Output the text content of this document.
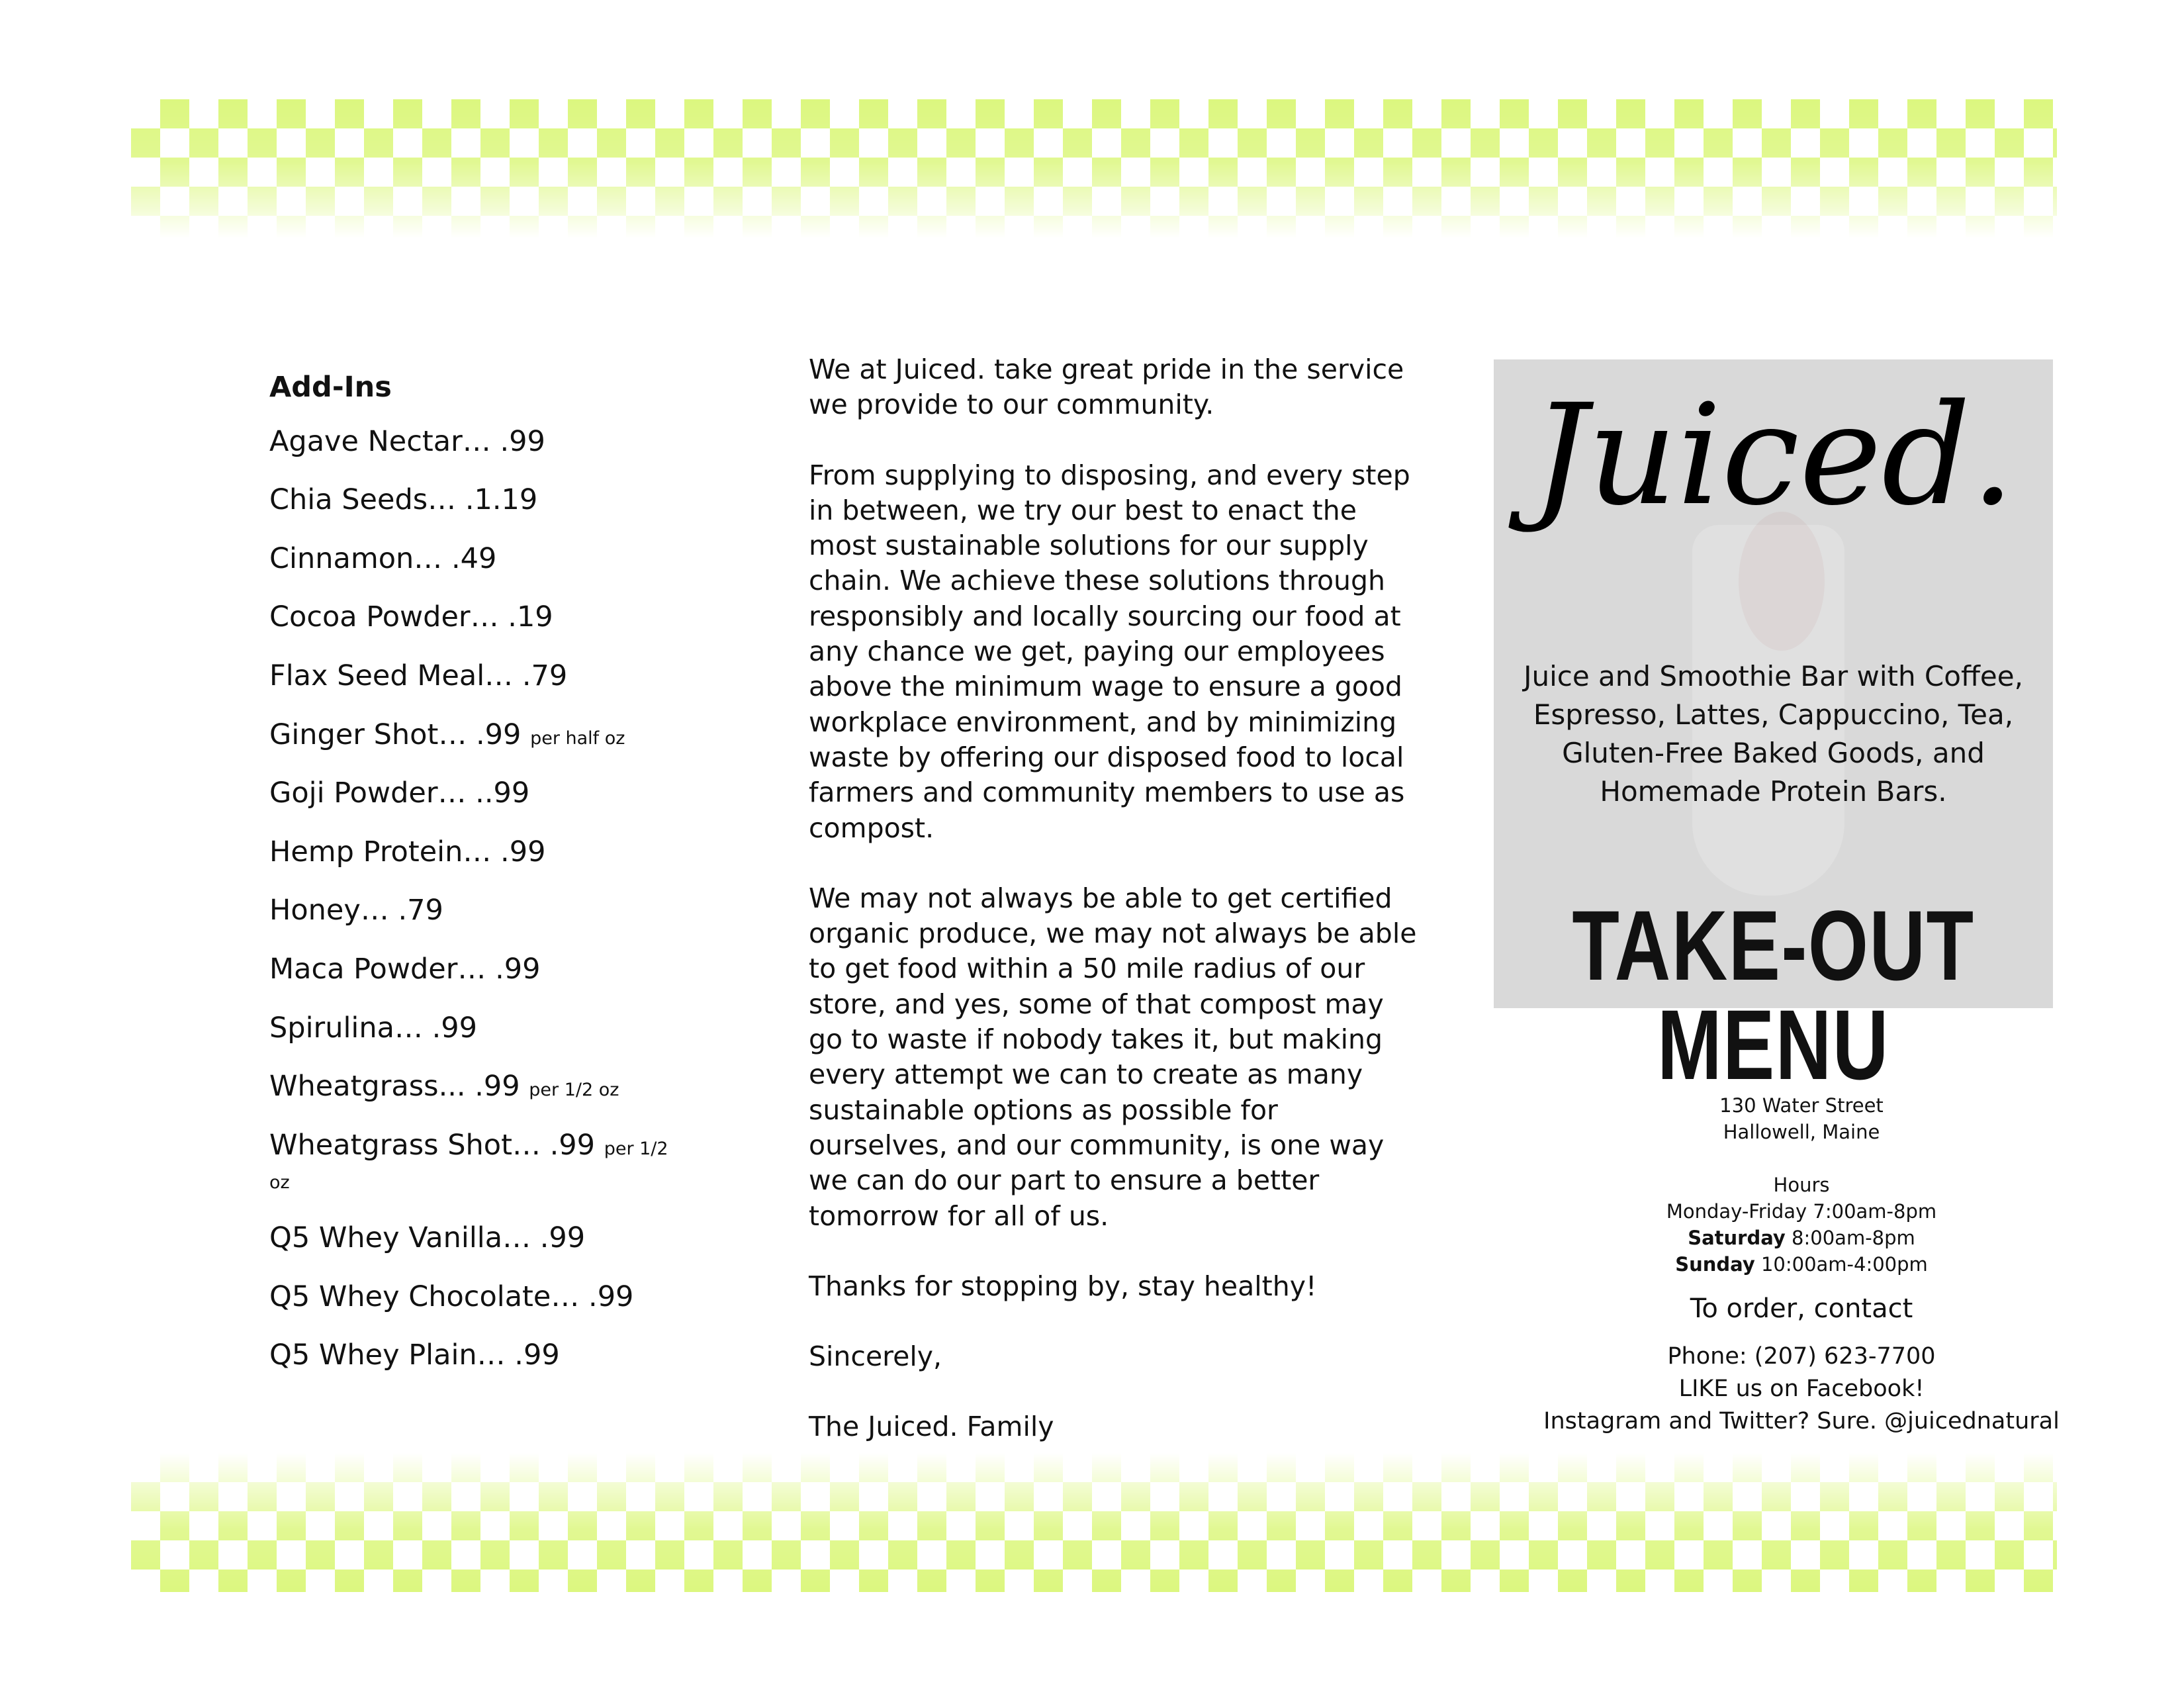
Add-Ins
Agave Nectar… .99
Chia Seeds… .1.19
Cinnamon… .49
Cocoa Powder… .19
Flax Seed Meal… .79
Ginger Shot… .99 per half oz
Goji Powder… ..99
Hemp Protein… .99
Honey… .79
Maca Powder… .99
Spirulina… .99
Wheatgrass... .99 per 1/2 oz
Wheatgrass Shot… .99 per 1/2 oz
Q5 Whey Vanilla… .99
Q5 Whey Chocolate… .99
Q5 Whey Plain… .99

We at Juiced. take great pride in the service we provide to our community.

From supplying to disposing, and every step in between, we try our best to enact the most sustainable solutions for our supply chain. We achieve these solutions through responsibly and locally sourcing our food at any chance we get, paying our employees above the minimum wage to ensure a good workplace environment, and by minimizing waste by offering our disposed food to local farmers and community members to use as compost.

We may not always be able to get certified organic produce, we may not always be able to get food within a 50 mile radius of our store, and yes, some of that compost may go to waste if nobody takes it, but making every attempt we can to create as many sustainable options as possible for ourselves, and our community, is one way we can do our part to ensure a better tomorrow for all of us.

Thanks for stopping by, stay healthy!

Sincerely,

The Juiced. Family

Juiced.
Juice and Smoothie Bar with Coffee, Espresso, Lattes, Cappuccino, Tea, Gluten-Free Baked Goods, and Homemade Protein Bars.
TAKE-OUT MENU
130 Water Street
Hallowell, Maine
Hours
Monday-Friday 7:00am-8pm
Saturday 8:00am-8pm
Sunday 10:00am-4:00pm
To order, contact
Phone: (207) 623-7700
LIKE us on Facebook!
Instagram and Twitter? Sure. @juicednatural
